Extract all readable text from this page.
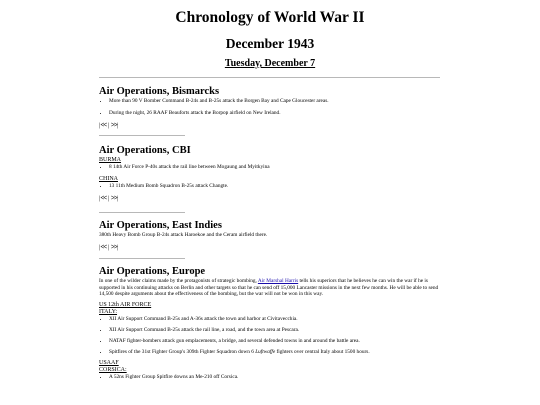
Chronology of World War II
December 1943
Tuesday, December 7
Air Operations, Bismarcks
• More than 90 V Bomber Command B-24s and B-25s attack the Borgen Bay and Cape Gloucester areas.
• During the night, 26 RAAF Beauforts attack the Borpop airfield on New Ireland.

|<< | >>|

Air Operations, CBI

BURMA

• 8 14th Air Force P-40s attack the rail line between Mogaung and Myitkyina

CHINA

• 13 11th Medium Bomb Squadron B-25s attack Changte.

|<< | >>|

Air Operations, East Indies

380th Heavy Bomb Group B-24s attack Haroekoe and the Ceram airfield there.

|<< | >>|

Air Operations, Europe

In one of the wilder claims made by the protagonists of strategic bombing, Air Marshal Harris tells his superiors that he believes he can win the war if he is supported in his continuing attacks on Berlin and other targets so that he can send off 15,000 Lancaster missions in the next few months. He will be able to send 14,500 despite arguments about the effectiveness of the bombing, but the war will not be won in this way.

US 12th AIR FORCE

ITALY:

• XII Air Support Command B-25s and A-36s attack the town and harbor at Civitavecchia.
• XII Air Support Command B-25s attack the rail line, a road, and the town area at Pescara.
• NATAF fighter-bombers attack gun emplacements, a bridge, and several defended towns in and around the battle area.
• Spitfires of the 31st Fighter Group's 309th Fighter Squadron down 6 Luftwaffe fighters over central Italy about 1500 hours.

USAAF

CORSICA:

• A 52ns Fighter Group Spitfire downs an Me-210 off Corsica.
